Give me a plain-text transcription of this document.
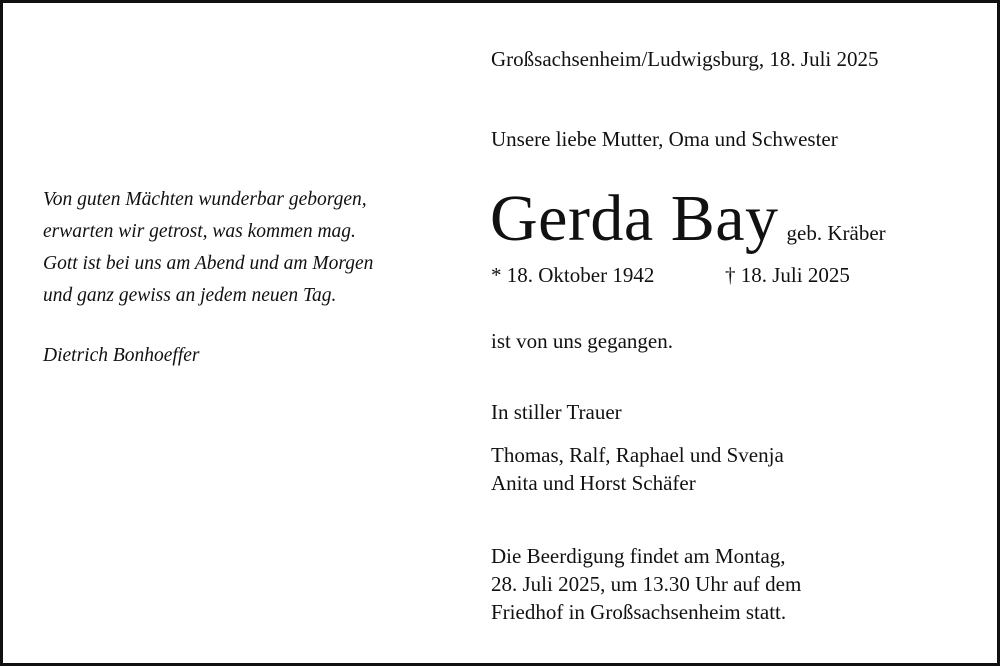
Von guten Mächten wunderbar geborgen,
erwarten wir getrost, was kommen mag.
Gott ist bei uns am Abend und am Morgen
und ganz gewiss an jedem neuen Tag.
Dietrich Bonhoeffer
Großsachsenheim/Ludwigsburg, 18. Juli 2025
Unsere liebe Mutter, Oma und Schwester
Gerda Bay geb. Kräber
* 18. Oktober 1942	† 18. Juli 2025
ist von uns gegangen.
In stiller Trauer
Thomas, Ralf, Raphael und Svenja
Anita und Horst Schäfer
Die Beerdigung findet am Montag,
28. Juli 2025, um 13.30 Uhr auf dem
Friedhof in Großsachsenheim statt.
